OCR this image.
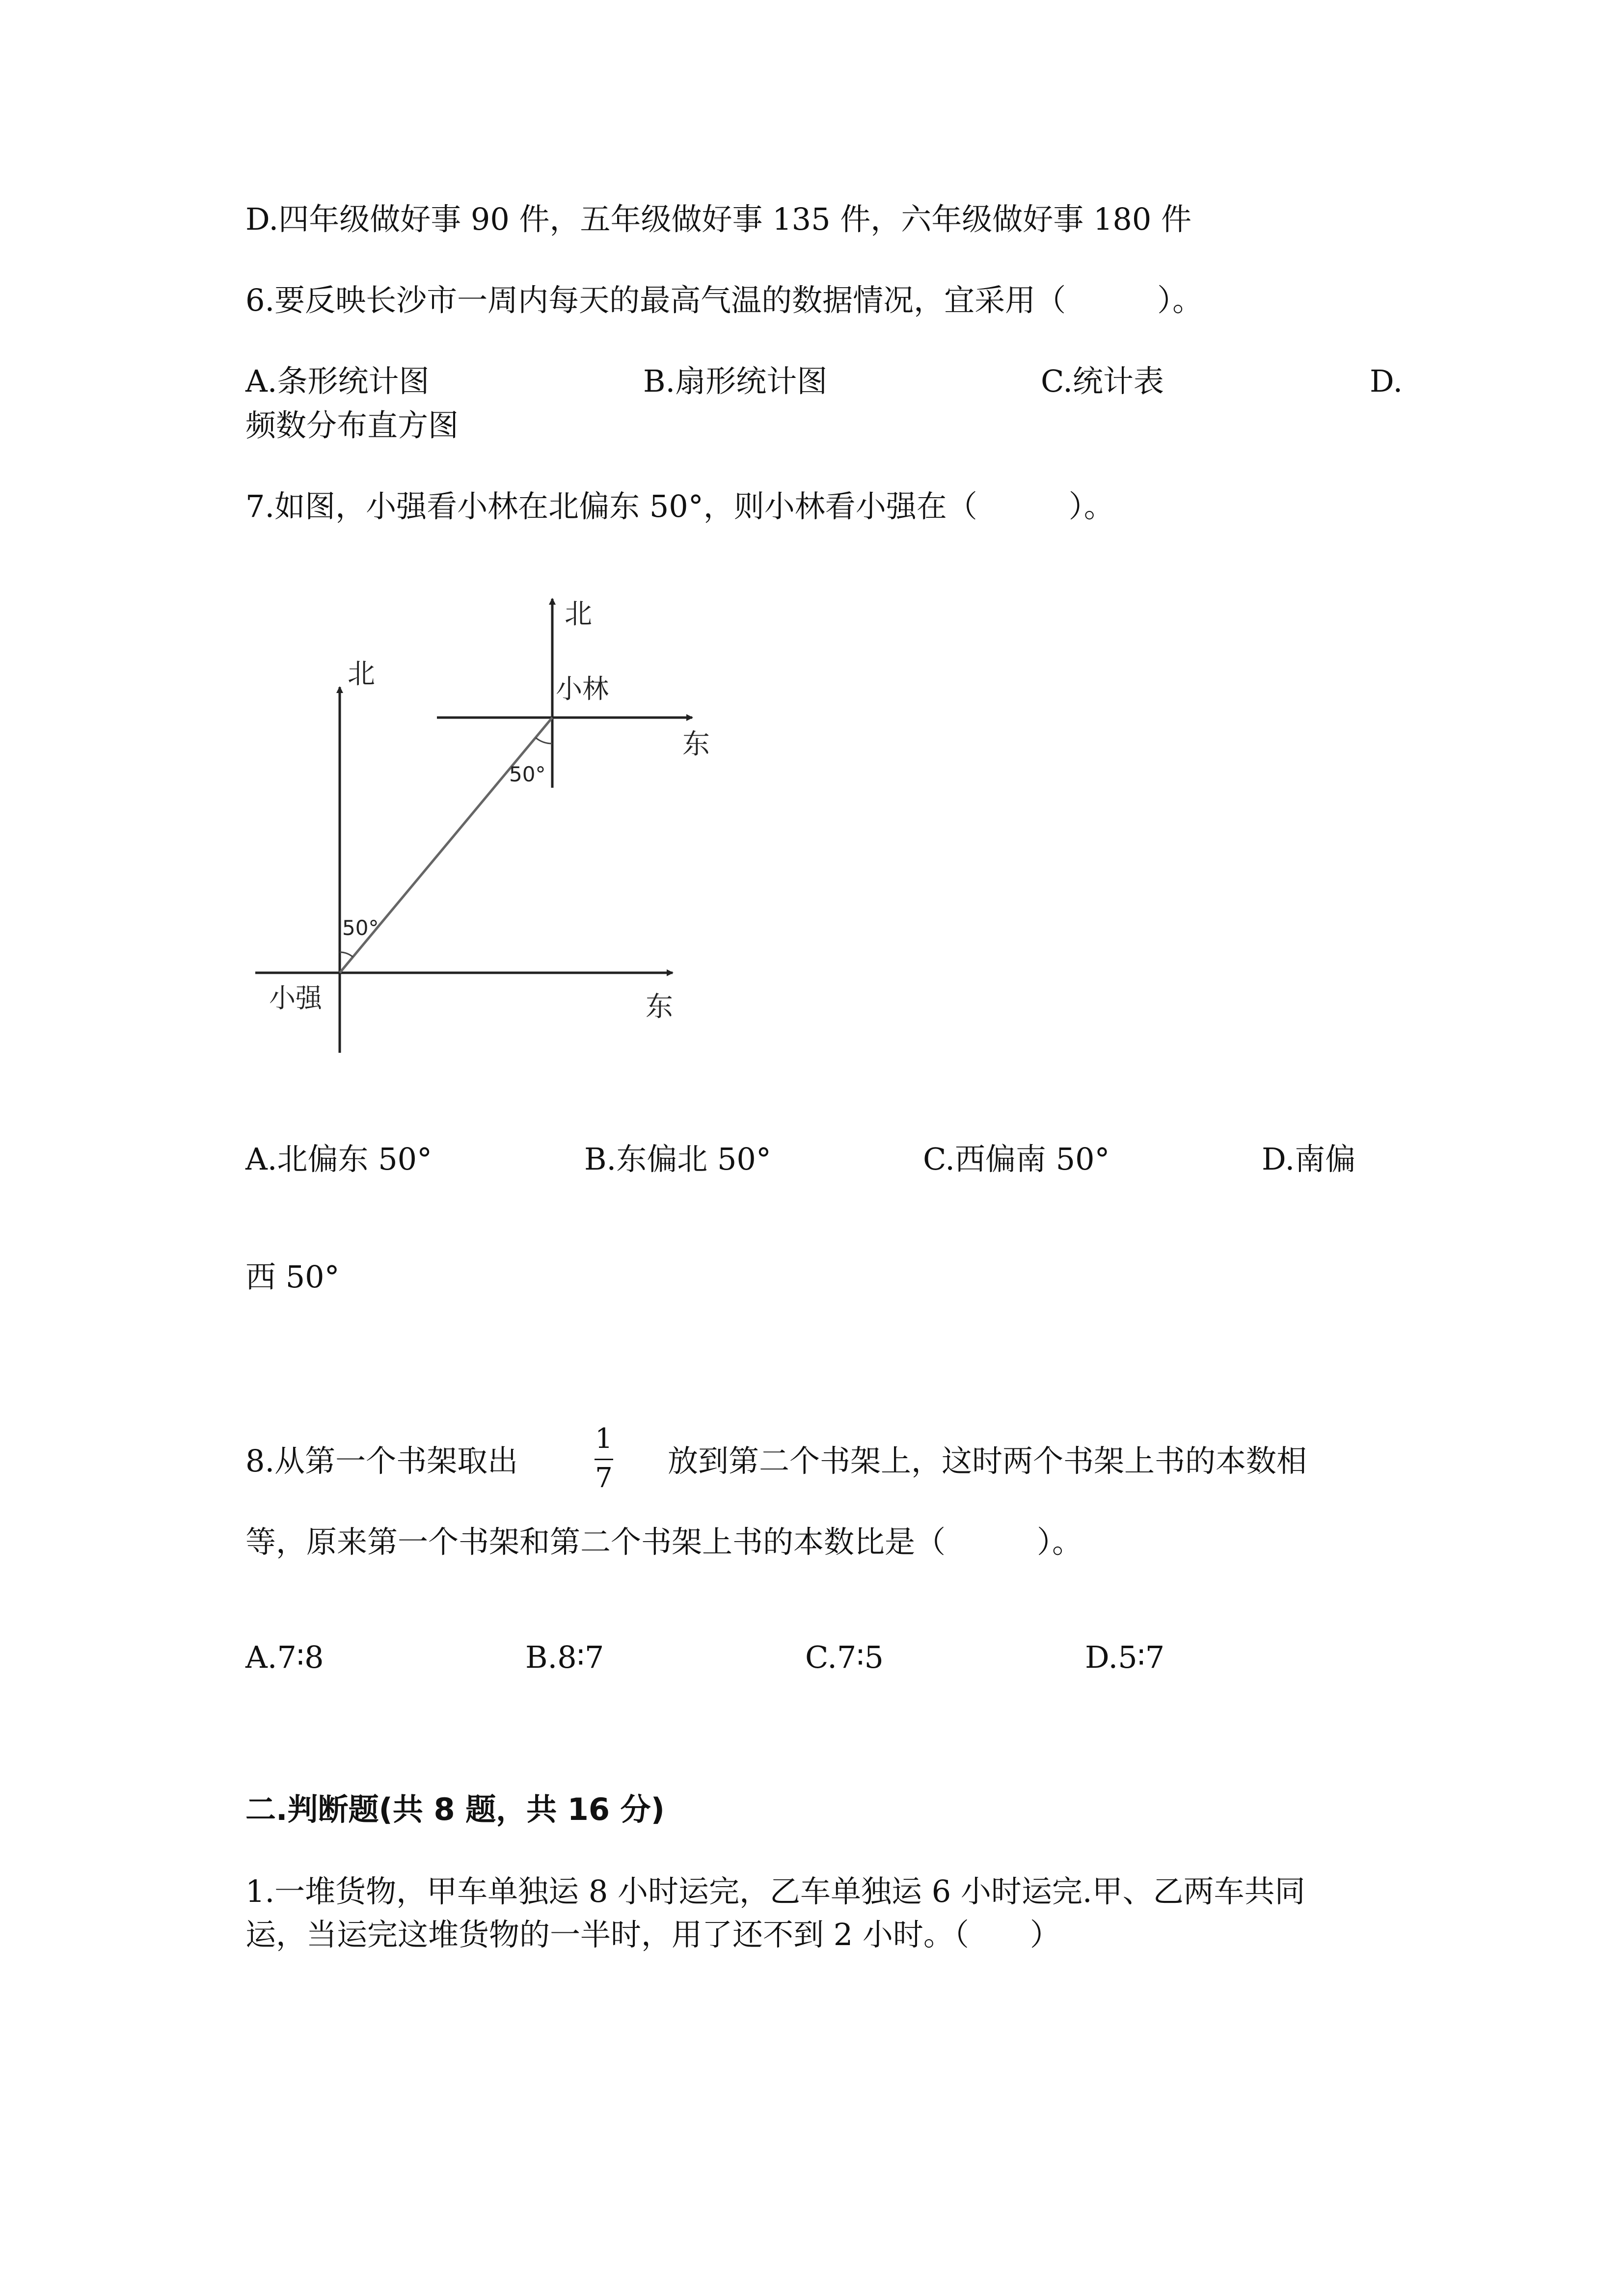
D.四年级做好事 90 件，五年级做好事 135 件，六年级做好事 180 件
6.要反映长沙市一周内每天的最高气温的数据情况，宜采用（　　　）。
A.条形统计图	B.扇形统计图	C.统计表	D.
频数分布直方图
7.如图，小强看小林在北偏东 50°，则小林看小强在（　　　）。
北
北
东
东
小林
小强
50°
50°
A.北偏东 50°	B.东偏北 50°	C.西偏南 50°	D.南偏
西 50°
8.从第一个书架取出
1
7 放到第二个书架上，这时两个书架上书的本数相
等，原来第一个书架和第二个书架上书的本数比是（　　　）。
A.7∶8	B.8∶7	C.7∶5	D.5∶7
二.判断题(共 8 题，共 16 分)
1.一堆货物，甲车单独运 8 小时运完，乙车单独运 6 小时运完.甲、乙两车共同
运，当运完这堆货物的一半时，用了还不到 2 小时。（　　）
